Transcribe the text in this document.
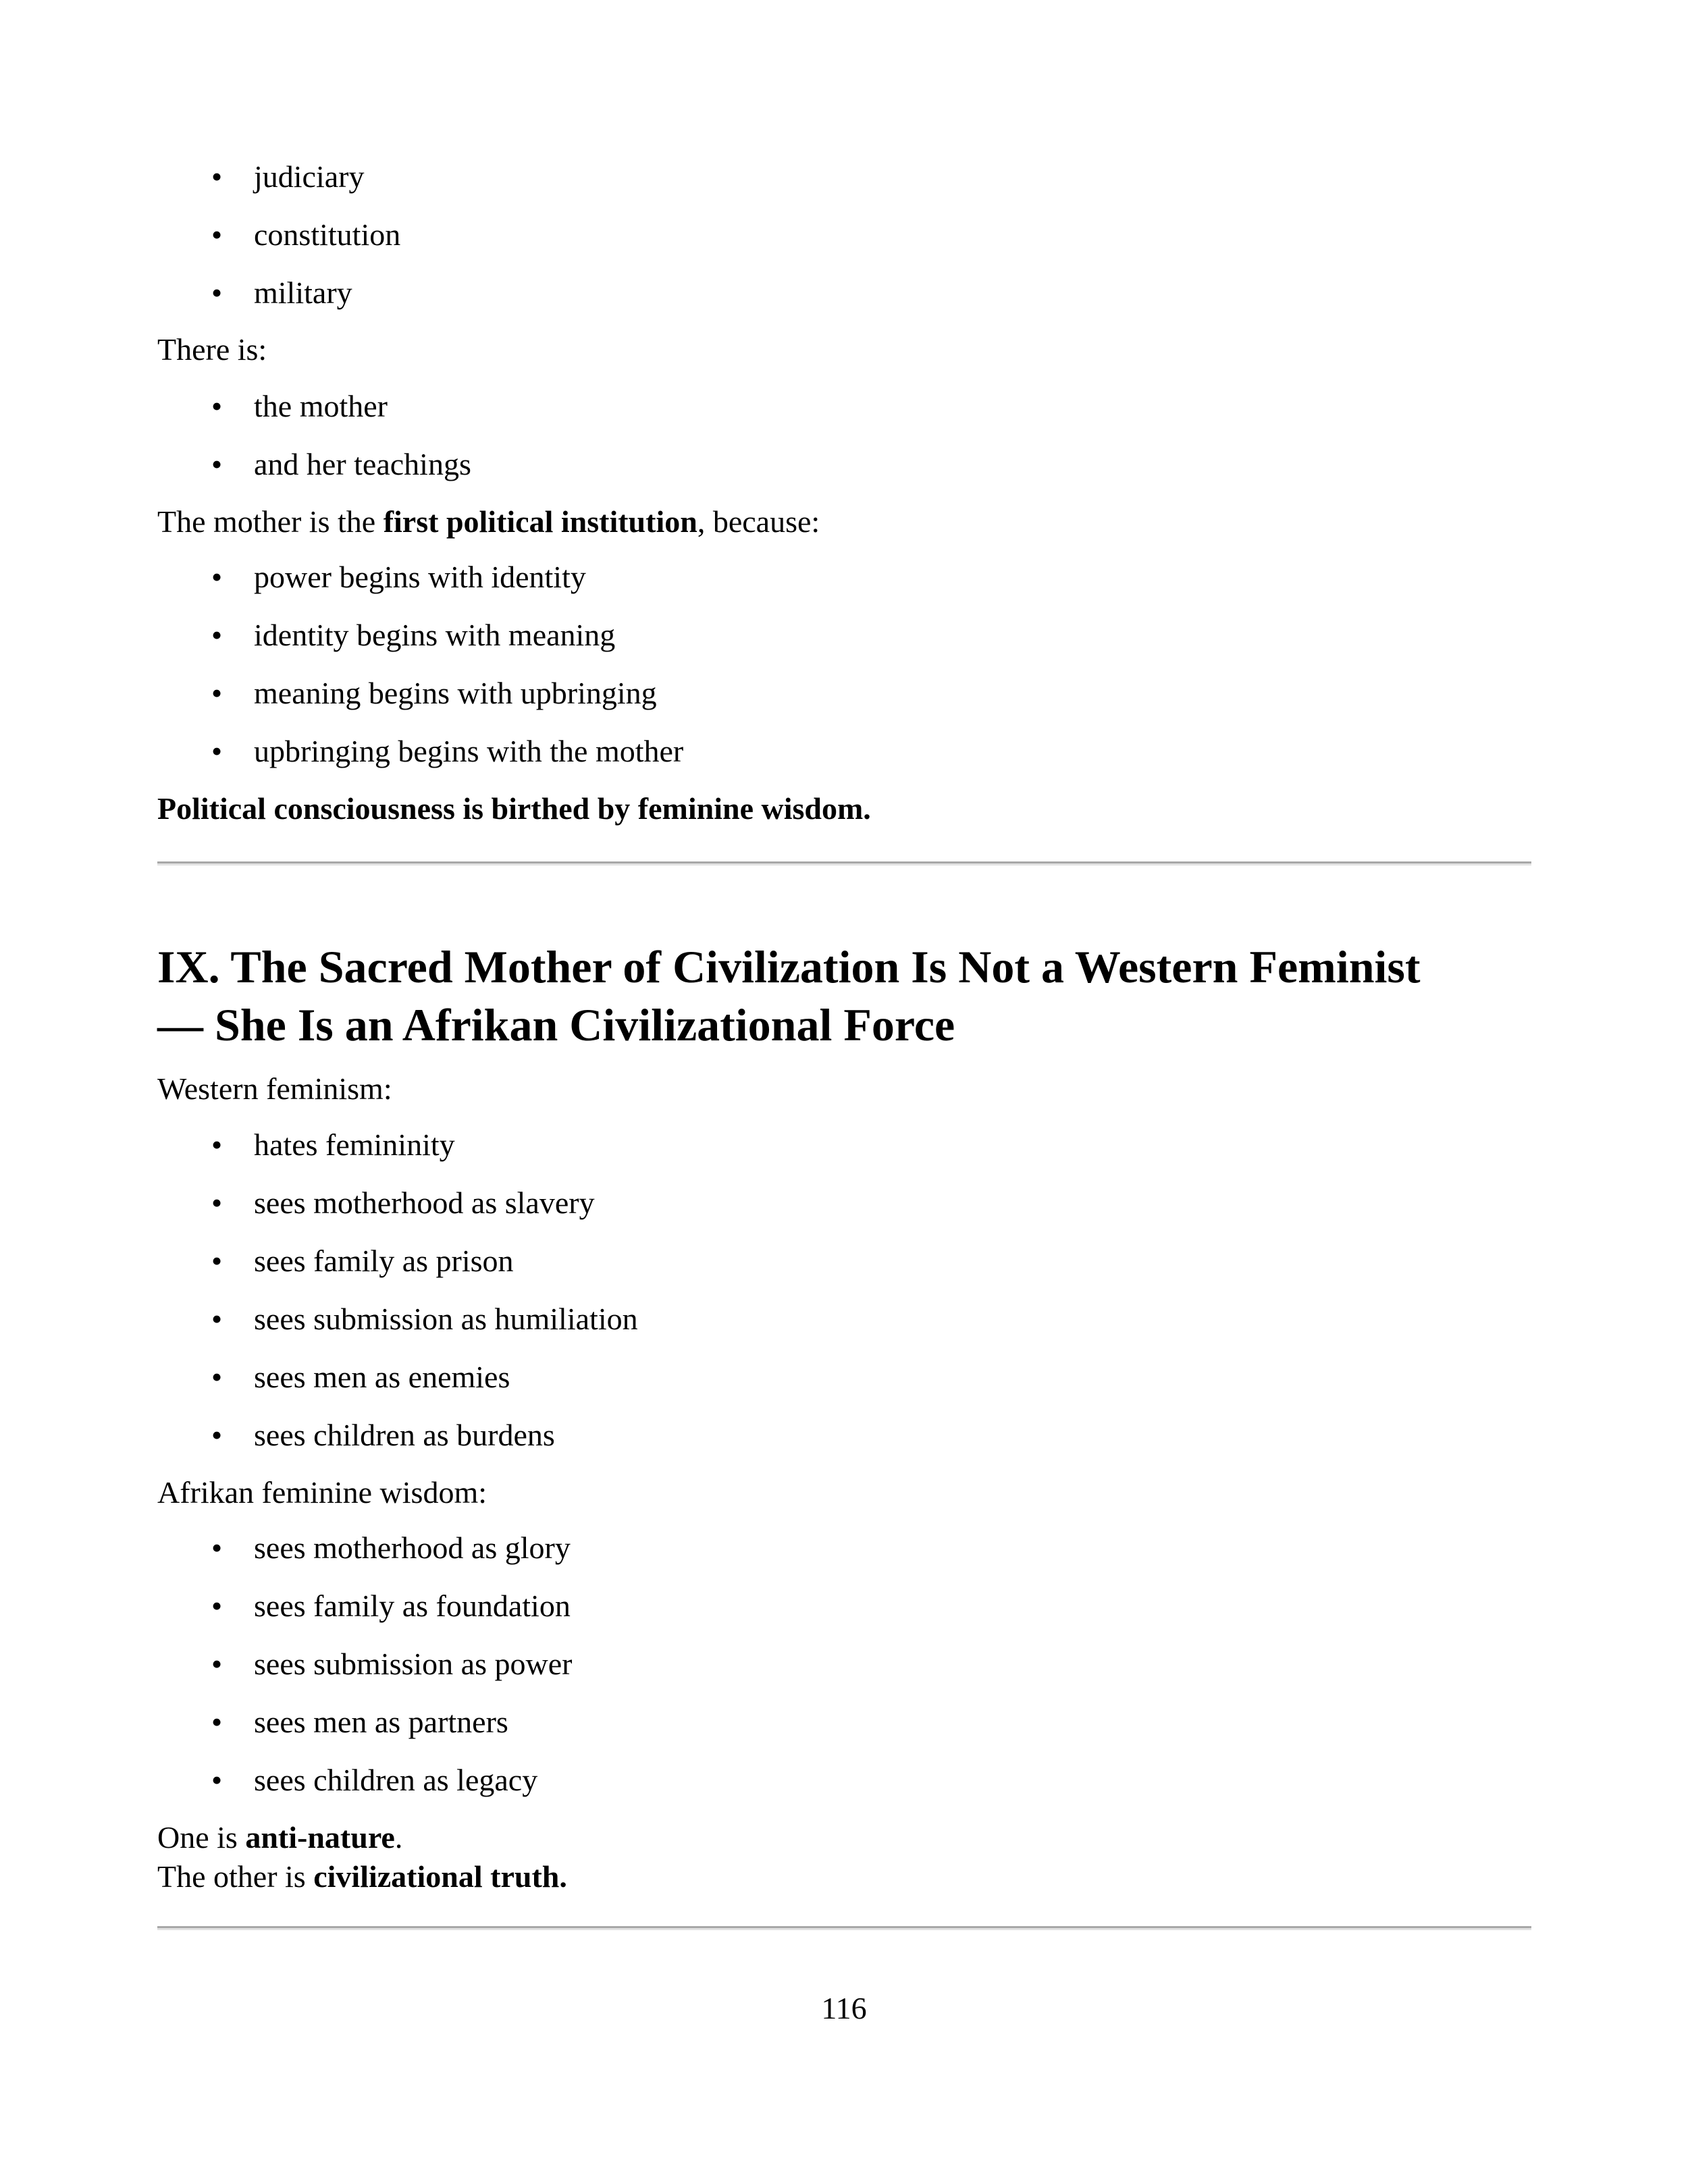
• judiciary
• constitution
• military
There is:
• the mother
• and her teachings
The mother is the first political institution, because:
• power begins with identity
• identity begins with meaning
• meaning begins with upbringing
• upbringing begins with the mother
Political consciousness is birthed by feminine wisdom.
IX. The Sacred Mother of Civilization Is Not a Western Feminist
— She Is an Afrikan Civilizational Force
Western feminism:
• hates femininity
• sees motherhood as slavery
• sees family as prison
• sees submission as humiliation
• sees men as enemies
• sees children as burdens
Afrikan feminine wisdom:
• sees motherhood as glory
• sees family as foundation
• sees submission as power
• sees men as partners
• sees children as legacy
One is anti-nature.
The other is civilizational truth.
116
